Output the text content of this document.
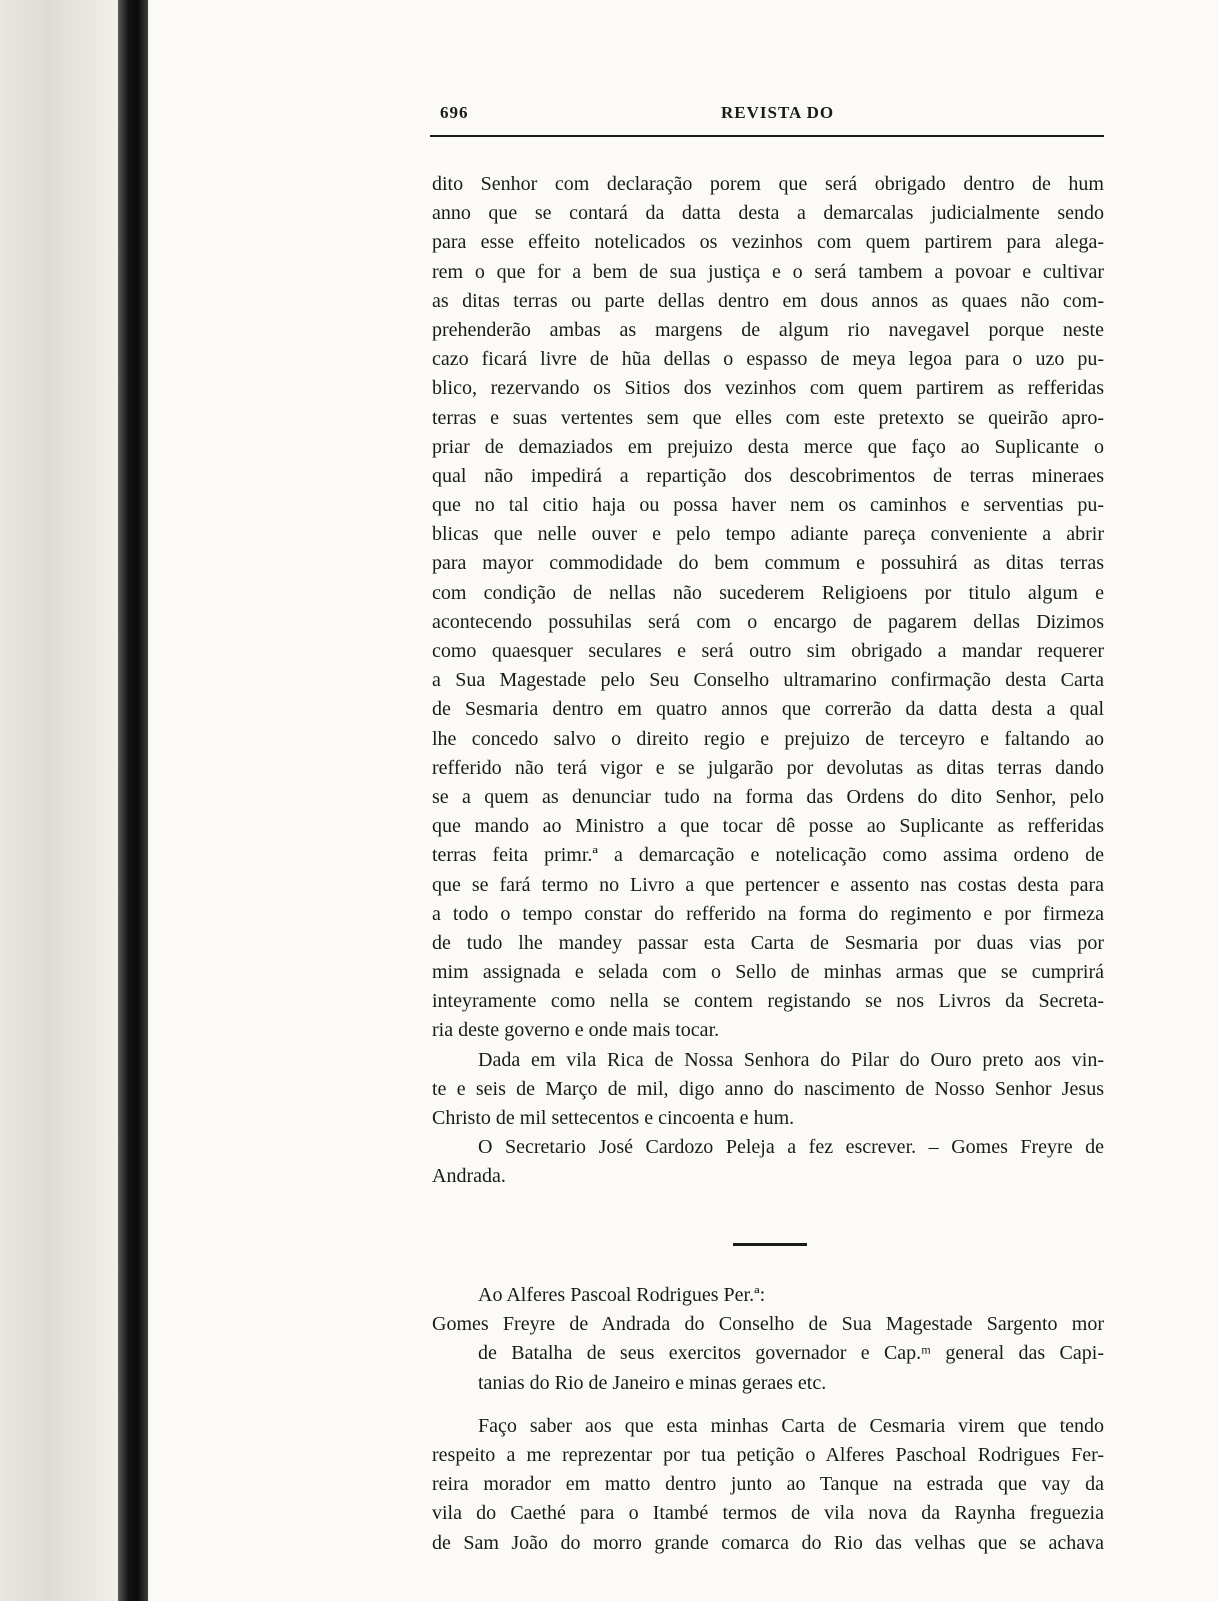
696	REVISTA DO
dito Senhor com declaração porem que será obrigado dentro de hum
anno que se contará da datta desta a demarcalas judicialmente sendo
para esse effeito notelicados os vezinhos com quem partirem para alega-
rem o que for a bem de sua justiça e o será tambem a povoar e cultivar
as ditas terras ou parte dellas dentro em dous annos as quaes não com-
prehenderão ambas as margens de algum rio navegavel porque neste
cazo ficará livre de hũa dellas o espasso de meya legoa para o uzo pu-
blico, rezervando os Sitios dos vezinhos com quem partirem as refferidas
terras e suas vertentes sem que elles com este pretexto se queirão apro-
priar de demaziados em prejuizo desta merce que faço ao Suplicante o
qual não impedirá a repartição dos descobrimentos de terras mineraes
que no tal citio haja ou possa haver nem os caminhos e serventias pu-
blicas que nelle ouver e pelo tempo adiante pareça conveniente a abrir
para mayor commodidade do bem commum e possuhirá as ditas terras
com condição de nellas não sucederem Religioens por titulo algum e
acontecendo possuhilas será com o encargo de pagarem dellas Dizimos
como quaesquer seculares e será outro sim obrigado a mandar requerer
a Sua Magestade pelo Seu Conselho ultramarino confirmação desta Carta
de Sesmaria dentro em quatro annos que correrão da datta desta a qual
lhe concedo salvo o direito regio e prejuizo de terceyro e faltando ao
refferido não terá vigor e se julgarão por devolutas as ditas terras dando
se a quem as denunciar tudo na forma das Ordens do dito Senhor, pelo
que mando ao Ministro a que tocar dê posse ao Suplicante as refferidas
terras feita primr.ª a demarcação e notelicação como assima ordeno de
que se fará termo no Livro a que pertencer e assento nas costas desta para
a todo o tempo constar do refferido na forma do regimento e por firmeza
de tudo lhe mandey passar esta Carta de Sesmaria por duas vias por
mim assignada e selada com o Sello de minhas armas que se cumprirá
inteyramente como nella se contem registando se nos Livros da Secreta-
ria deste governo e onde mais tocar.
Dada em vila Rica de Nossa Senhora do Pilar do Ouro preto aos vin-
te e seis de Março de mil, digo anno do nascimento de Nosso Senhor Jesus
Christo de mil settecentos e cincoenta e hum.
O Secretario José Cardozo Peleja a fez escrever. – Gomes Freyre de
Andrada.
Ao Alferes Pascoal Rodrigues Per.ª:
Gomes Freyre de Andrada do Conselho de Sua Magestade Sargento mor
de Batalha de seus exercitos governador e Cap.ᵐ general das Capi-
tanias do Rio de Janeiro e minas geraes etc.
Faço saber aos que esta minhas Carta de Cesmaria virem que tendo
respeito a me reprezentar por tua petição o Alferes Paschoal Rodrigues Fer-
reira morador em matto dentro junto ao Tanque na estrada que vay da
vila do Caethé para o Itambé termos de vila nova da Raynha freguezia
de Sam João do morro grande comarca do Rio das velhas que se achava
